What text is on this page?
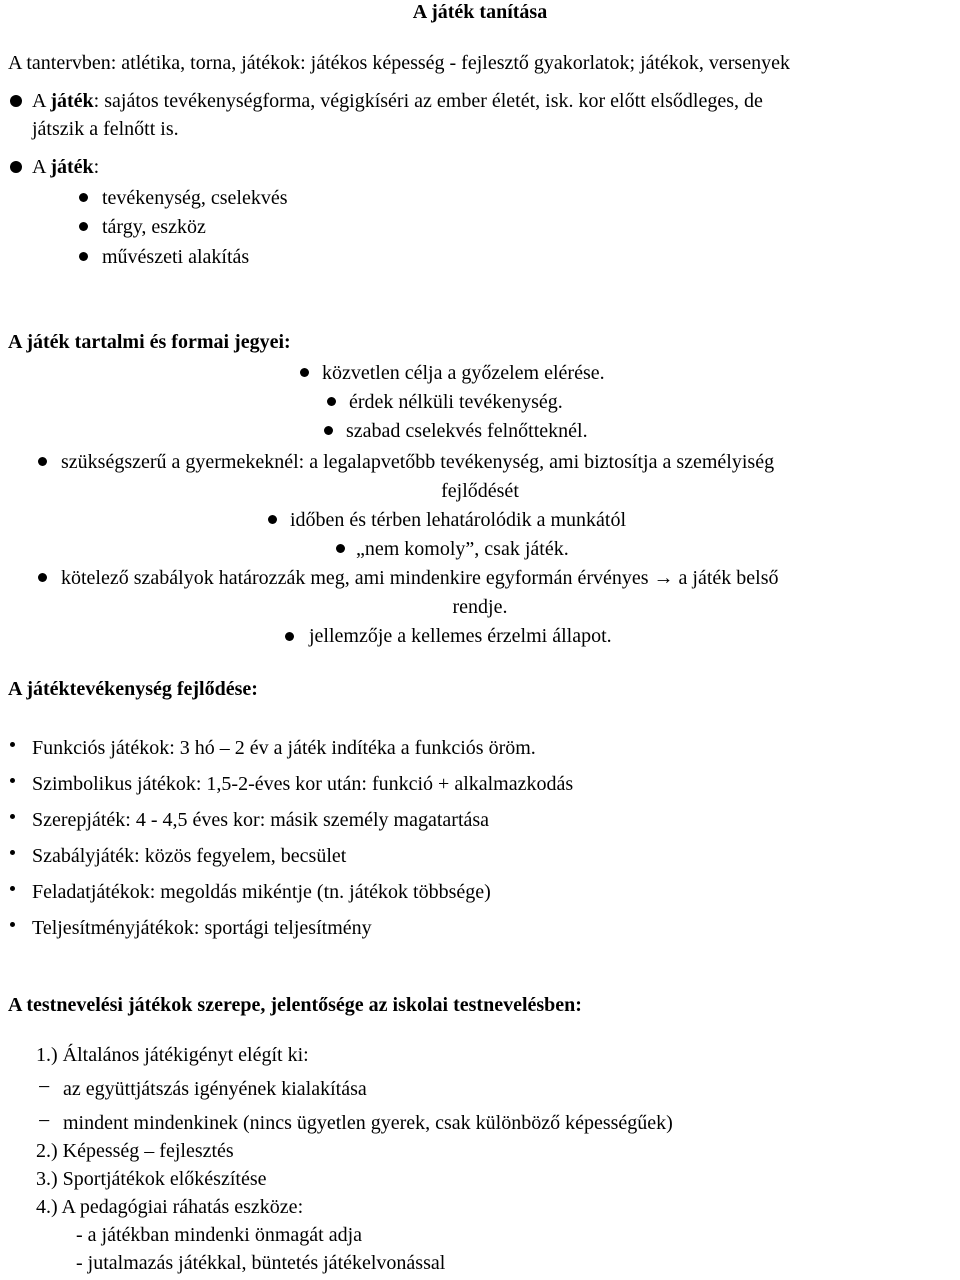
A játék tanítása
A tantervben: atlétika, torna, játékok: játékos képesség - fejlesztő gyakorlatok; játékok, versenyek
A játék: sajátos tevékenységforma, végigkíséri az ember életét, isk. kor előtt elsődleges, de
játszik a felnőtt is.
A játék:
tevékenység, cselekvés
tárgy, eszköz
művészeti alakítás
A játék tartalmi és formai jegyei:
közvetlen célja a győzelem elérése.
érdek nélküli tevékenység.
szabad cselekvés felnőtteknél.
szükségszerű a gyermekeknél: a legalapvetőbb tevékenység, ami biztosítja a személyiség
fejlődését
időben és térben lehatárolódik a munkától
„nem komoly”, csak játék.
kötelező szabályok határozzák meg, ami mindenkire egyformán érvényes → a játék belső
rendje.
jellemzője a kellemes érzelmi állapot.
A játéktevékenység fejlődése:
Funkciós játékok: 3 hó – 2 év a játék indítéka a funkciós öröm.
Szimbolikus játékok: 1,5-2-éves kor után: funkció + alkalmazkodás
Szerepjáték: 4 - 4,5 éves kor: másik személy magatartása
Szabályjáték: közös fegyelem, becsület
Feladatjátékok: megoldás mikéntje (tn. játékok többsége)
Teljesítményjátékok: sportági teljesítmény
A testnevelési játékok szerepe, jelentősége az iskolai testnevelésben:
1.) Általános játékigényt elégít ki:
− az együttjátszás igényének kialakítása
− mindent mindenkinek (nincs ügyetlen gyerek, csak különböző képességűek)
2.) Képesség – fejlesztés
3.) Sportjátékok előkészítése
4.) A pedagógiai ráhatás eszköze:
- a játékban mindenki önmagát adja
- jutalmazás játékkal, büntetés játékelvonással
